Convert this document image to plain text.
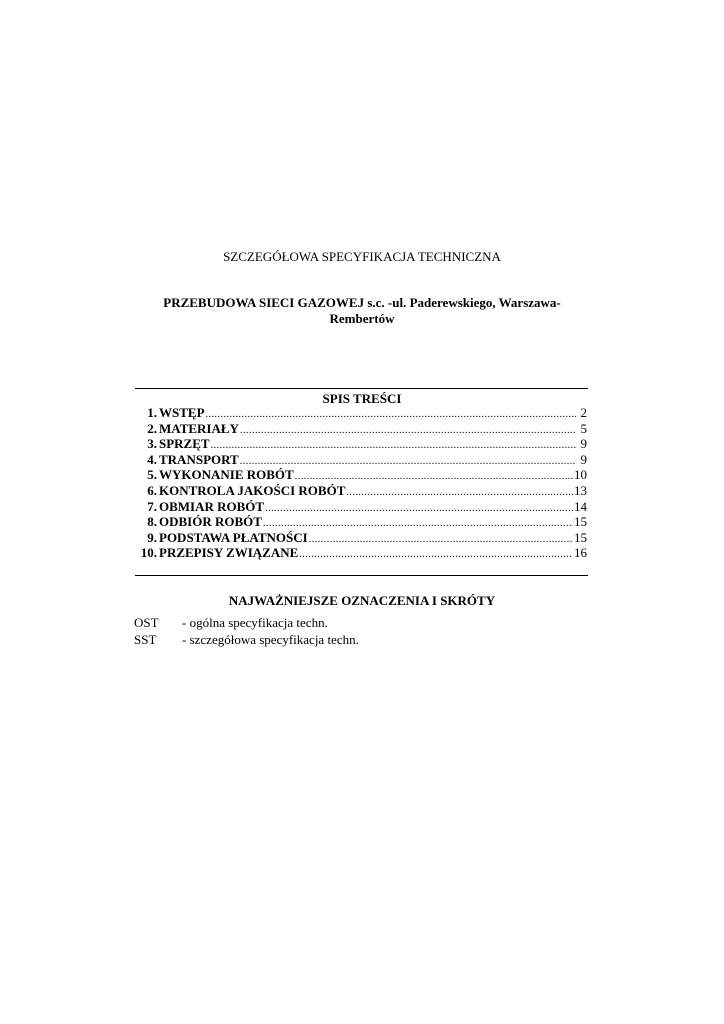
SZCZEGÓŁOWA SPECYFIKACJA TECHNICZNA
PRZEBUDOWA SIECI GAZOWEJ s.c. -ul. Paderewskiego, Warszawa-
Rembertów
SPIS TREŚCI
1. WSTĘP .....	2
2. MATERIAŁY .....	5
3. SPRZĘT .....	9
4. TRANSPORT .....	9
5. WYKONANIE ROBÓT .....	10
6. KONTROLA JAKOŚCI ROBÓT .....	13
7. OBMIAR ROBÓT .....	14
8. ODBIÓR ROBÓT .....	15
9. PODSTAWA PŁATNOŚCI .....	15
10. PRZEPISY ZWIĄZANE .....	16
NAJWAŻNIEJSZE OZNACZENIA I SKRÓTY
OST	- ogólna specyfikacja techn.
SST	- szczegółowa specyfikacja techn.
